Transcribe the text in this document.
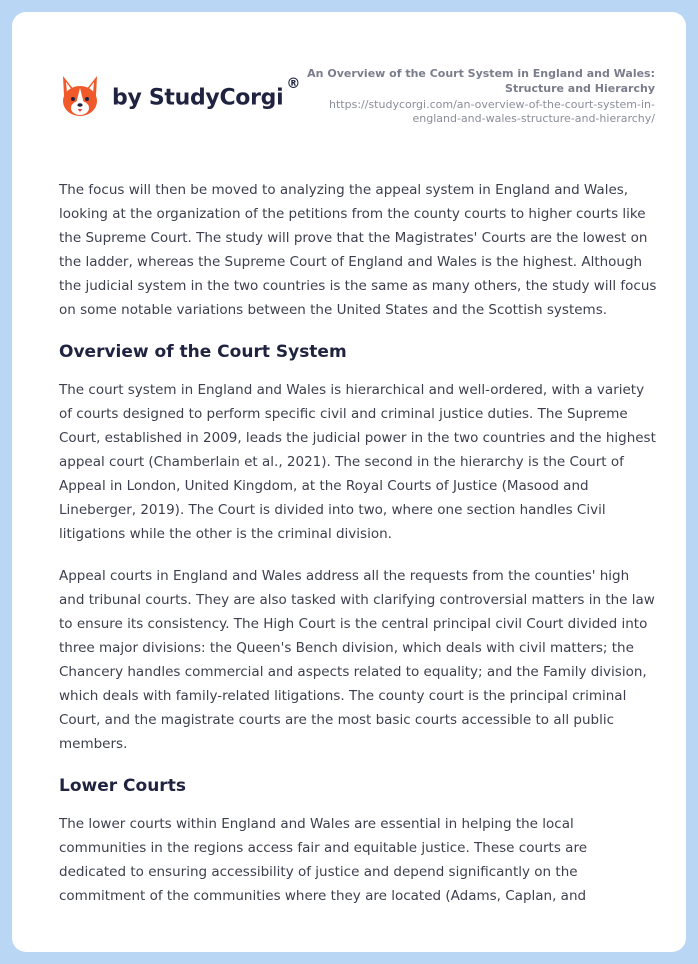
by StudyCorgi®
An Overview of the Court System in England and Wales: Structure and Hierarchy
https://studycorgi.com/an-overview-of-the-court-system-in-england-and-wales-structure-and-hierarchy/

The focus will then be moved to analyzing the appeal system in England and Wales, looking at the organization of the petitions from the county courts to higher courts like the Supreme Court. The study will prove that the Magistrates' Courts are the lowest on the ladder, whereas the Supreme Court of England and Wales is the highest. Although the judicial system in the two countries is the same as many others, the study will focus on some notable variations between the United States and the Scottish systems.

Overview of the Court System

The court system in England and Wales is hierarchical and well-ordered, with a variety of courts designed to perform specific civil and criminal justice duties. The Supreme Court, established in 2009, leads the judicial power in the two countries and the highest appeal court (Chamberlain et al., 2021). The second in the hierarchy is the Court of Appeal in London, United Kingdom, at the Royal Courts of Justice (Masood and Lineberger, 2019). The Court is divided into two, where one section handles Civil litigations while the other is the criminal division.

Appeal courts in England and Wales address all the requests from the counties' high and tribunal courts. They are also tasked with clarifying controversial matters in the law to ensure its consistency. The High Court is the central principal civil Court divided into three major divisions: the Queen's Bench division, which deals with civil matters; the Chancery handles commercial and aspects related to equality; and the Family division, which deals with family-related litigations. The county court is the principal criminal Court, and the magistrate courts are the most basic courts accessible to all public members.

Lower Courts

The lower courts within England and Wales are essential in helping the local communities in the regions access fair and equitable justice. These courts are dedicated to ensuring accessibility of justice and depend significantly on the commitment of the communities where they are located (Adams, Caplan, and
